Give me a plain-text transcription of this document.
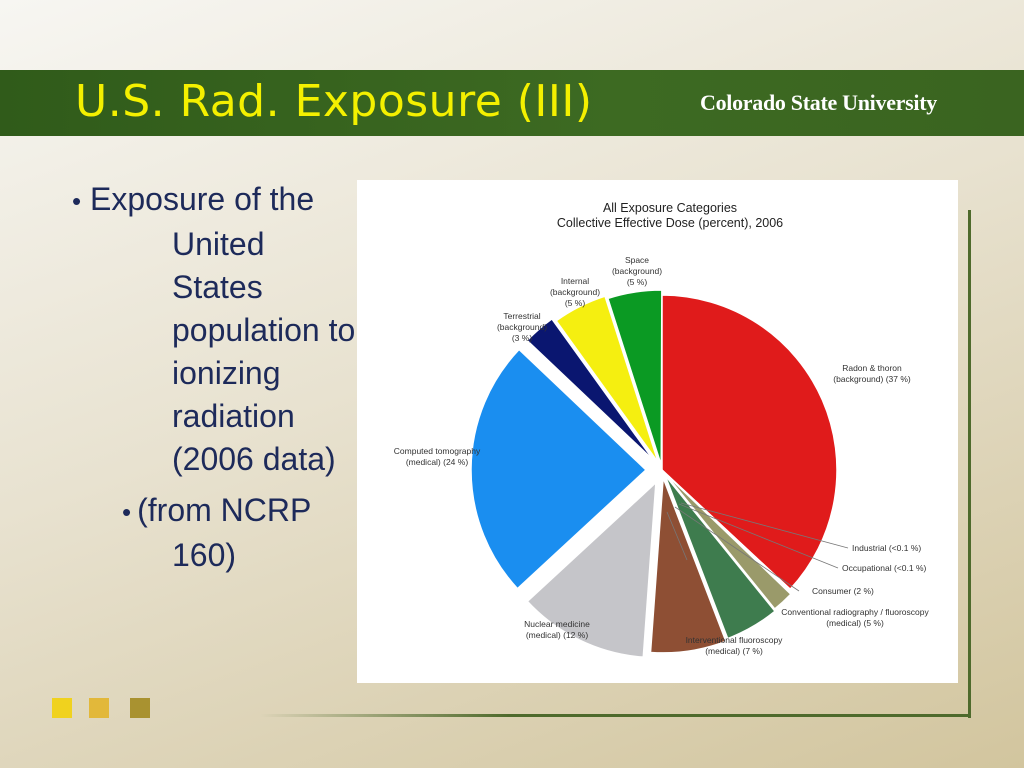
U.S. Rad. Exposure (III)	Colorado State University
• Exposure of the United States population to ionizing radiation (2006 data)
• (from NCRP 160)
All Exposure Categories
Collective Effective Dose (percent), 2006
Space (background) (5 %)
Internal (background) (5 %)
Terrestrial (background) (3 %)
Radon & thoron (background) (37 %)
Computed tomography (medical) (24 %)
Industrial (<0.1 %)
Occupational (<0.1 %)
Consumer (2 %)
Conventional radiography / fluoroscopy (medical) (5 %)
Interventional fluoroscopy (medical) (7 %)
Nuclear medicine (medical) (12 %)
